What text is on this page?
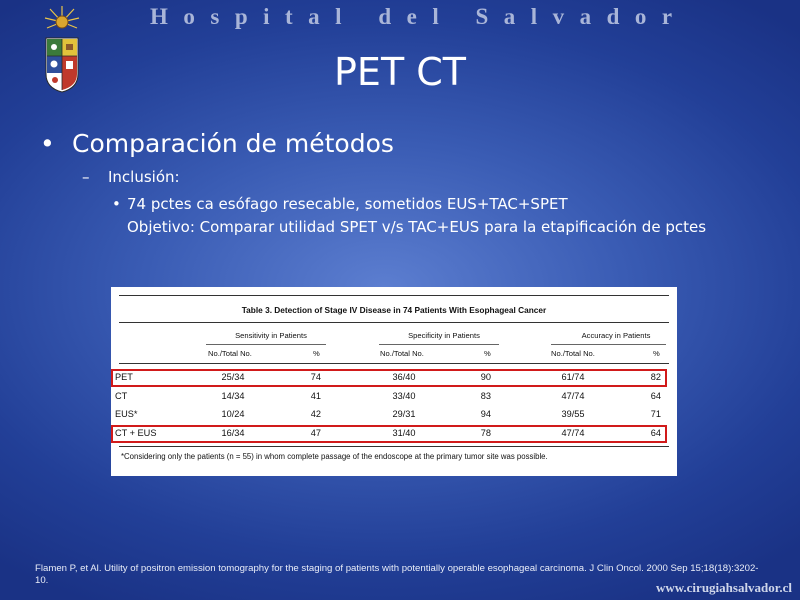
Hospital del Salvador
PET CT
• Comparación de métodos
– Inclusión:
• 74 pctes ca esófago resecable, sometidos EUS+TAC+SPET
Objetivo: Comparar utilidad SPET v/s TAC+EUS para la etapificación de pctes
Table 3. Detection of Stage IV Disease in 74 Patients With Esophageal Cancer
Sensitivity in Patients	Specificity in Patients	Accuracy in Patients
No./Total No.	%	No./Total No.	%	No./Total No.	%
PET	25/34	74	36/40	90	61/74	82
CT	14/34	41	33/40	83	47/74	64
EUS*	10/24	42	29/31	94	39/55	71
CT + EUS	16/34	47	31/40	78	47/74	64
*Considering only the patients (n = 55) in whom complete passage of the endoscope at the primary tumor site was possible.
Flamen P, et Al. Utility of positron emission tomography for the staging of patients with potentially operable esophageal carcinoma. J Clin Oncol. 2000 Sep 15;18(18):3202-10.	www.cirugiahsalvador.cl
